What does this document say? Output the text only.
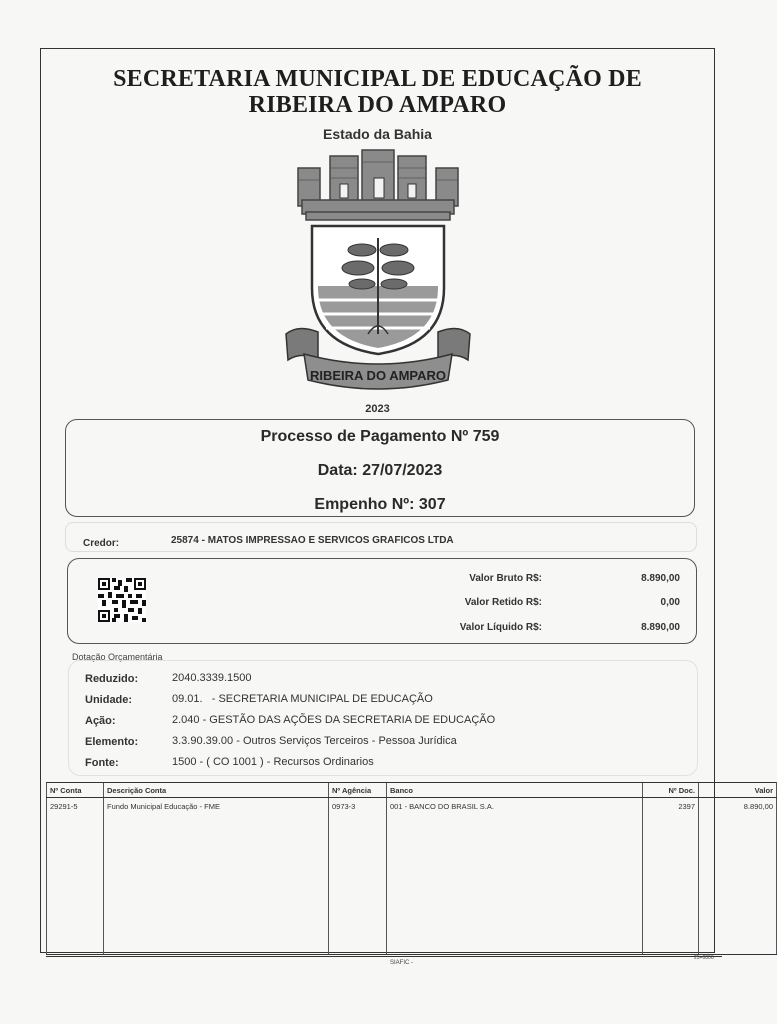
SECRETARIA MUNICIPAL DE EDUCAÇÃO DE
RIBEIRA DO AMPARO
Estado da Bahia
RIBEIRA DO AMPARO
2023
Processo de Pagamento Nº 759
Data: 27/07/2023
Empenho Nº: 307
Credor:	25874 - MATOS IMPRESSAO E SERVICOS GRAFICOS LTDA
Valor Bruto R$:	8.890,00
Valor Retido R$:	0,00
Valor Líquido R$:	8.890,00
Dotação Orçamentária
Reduzido:	2040.3339.1500
Unidade:	09.01.   - SECRETARIA MUNICIPAL DE EDUCAÇÃO
Ação:	2.040 - GESTÃO DAS AÇÕES DA SECRETARIA DE EDUCAÇÃO
Elemento:	3.3.90.39.00 - Outros Serviços Terceiros - Pessoa Jurídica
Fonte:	1500 - ( CO 1001 ) - Recursos Ordinarios
Nº Conta	Descrição Conta	Nº Agência	Banco	Nº Doc.	Valor
29291-5	Fundo Municipal Educação - FME	0973-3	001 - BANCO DO BRASIL S.A.	2397	8.890,00
SIAFIC -
25+0806
